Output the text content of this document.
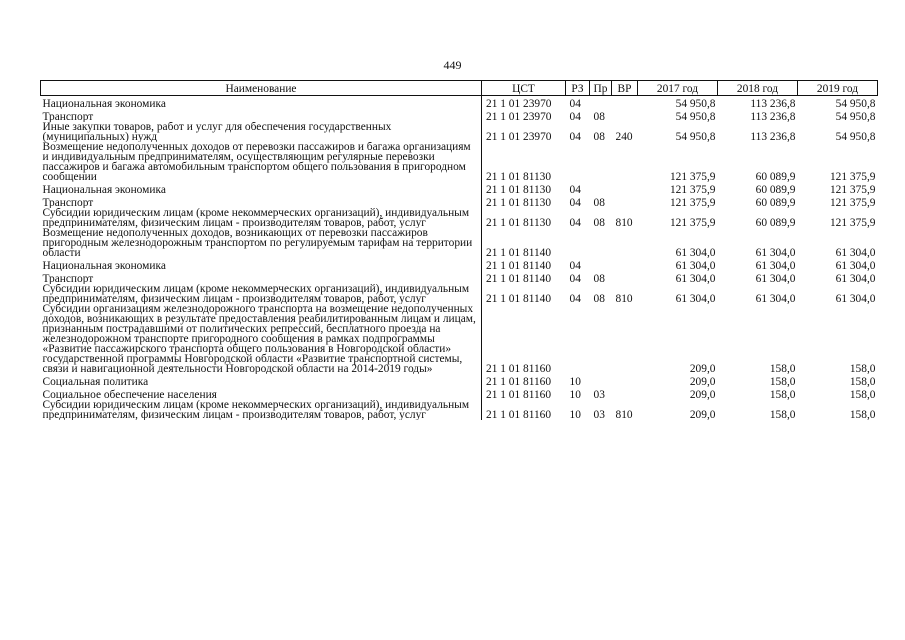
449
Наименование	ЦСТ	РЗ	Пр	ВР	2017 год	2018 год	2019 год
Национальная экономика	21 1 01 23970	04			54 950,8	113 236,8	54 950,8
Транспорт	21 1 01 23970	04	08		54 950,8	113 236,8	54 950,8
Иные закупки товаров, работ и услуг для обеспечения государственных (муниципальных) нужд	21 1 01 23970	04	08	240	54 950,8	113 236,8	54 950,8
Возмещение недополученных доходов от перевозки пассажиров и багажа организациям и индивидуальным предпринимателям, осуществляющим регулярные перевозки пассажиров и багажа автомобильным транспортом общего пользования в пригородном сообщении	21 1 01 81130				121 375,9	60 089,9	121 375,9
Национальная экономика	21 1 01 81130	04			121 375,9	60 089,9	121 375,9
Транспорт	21 1 01 81130	04	08		121 375,9	60 089,9	121 375,9
Субсидии юридическим лицам (кроме некоммерческих организаций), индивидуальным предпринимателям, физическим лицам - производителям товаров, работ, услуг	21 1 01 81130	04	08	810	121 375,9	60 089,9	121 375,9
Возмещение недополученных доходов, возникающих от перевозки пассажиров пригородным железнодорожным транспортом по регулируемым тарифам на территории области	21 1 01 81140				61 304,0	61 304,0	61 304,0
Национальная экономика	21 1 01 81140	04			61 304,0	61 304,0	61 304,0
Транспорт	21 1 01 81140	04	08		61 304,0	61 304,0	61 304,0
Субсидии юридическим лицам (кроме некоммерческих организаций), индивидуальным предпринимателям, физическим лицам - производителям товаров, работ, услуг	21 1 01 81140	04	08	810	61 304,0	61 304,0	61 304,0
Субсидии организациям железнодорожного транспорта на возмещение недополученных доходов, возникающих в результате предоставления реабилитированным лицам и лицам, признанным пострадавшими от политических репрессий, бесплатного проезда на железнодорожном транспорте пригородного сообщения в рамках подпрограммы «Развитие пассажирского транспорта общего пользования в Новгородской области» государственной программы Новгородской области «Развитие транспортной системы, связи и навигационной деятельности Новгородской области на 2014-2019 годы»	21 1 01 81160				209,0	158,0	158,0
Социальная политика	21 1 01 81160	10			209,0	158,0	158,0
Социальное обеспечение населения	21 1 01 81160	10	03		209,0	158,0	158,0
Субсидии юридическим лицам (кроме некоммерческих организаций), индивидуальным предпринимателям, физическим лицам - производителям товаров, работ, услуг	21 1 01 81160	10	03	810	209,0	158,0	158,0
